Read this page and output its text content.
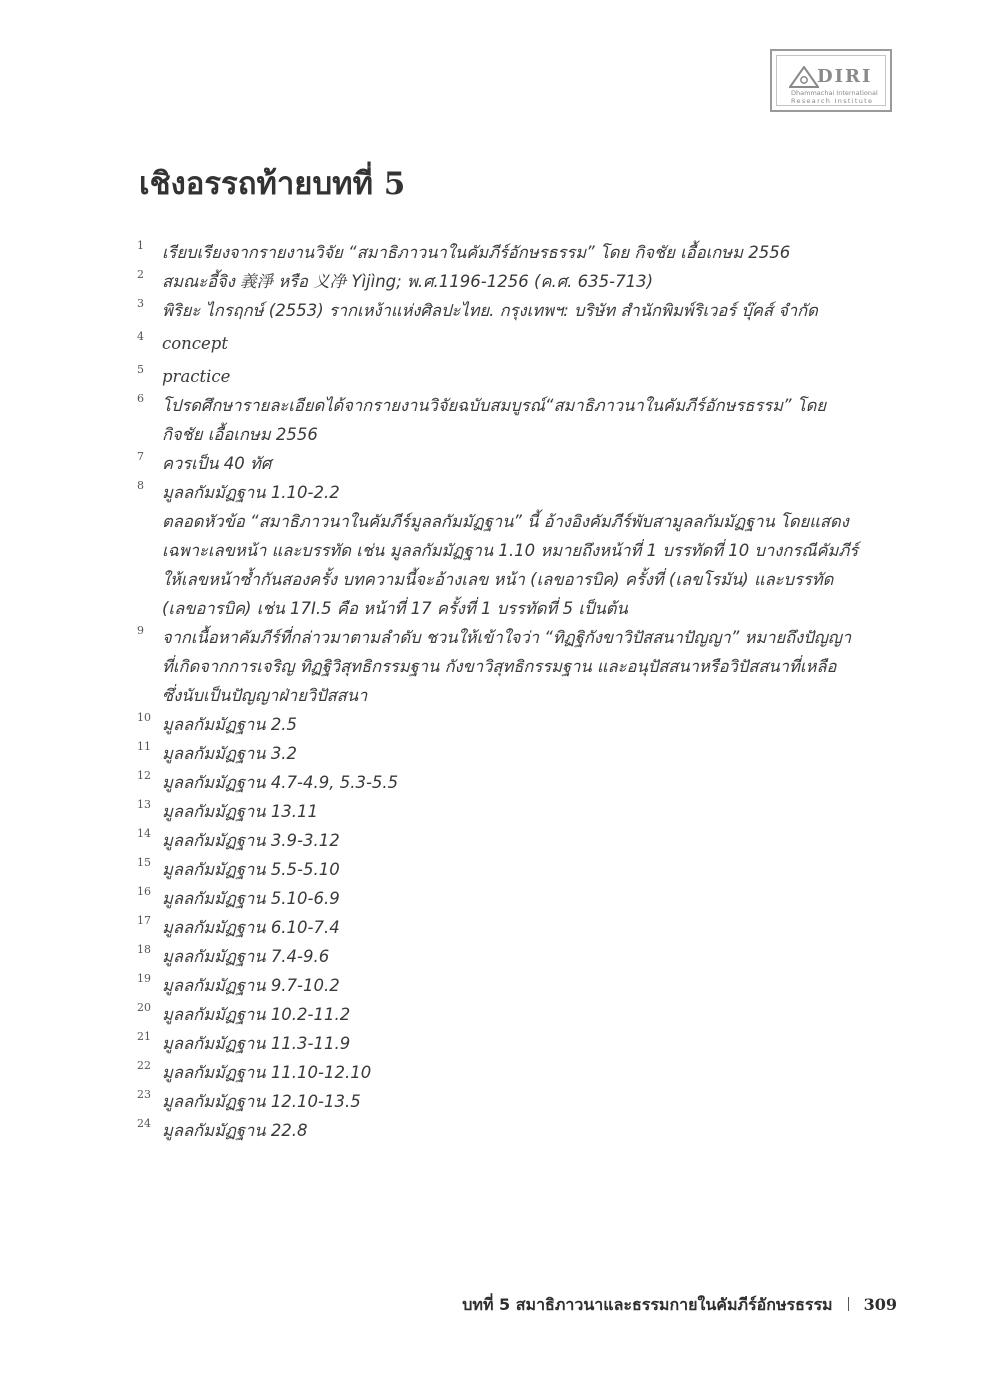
DIRI
Dhammachai International
Research Institute
เชิงอรรถท้ายบทที่ 5
1 เรียบเรียงจากรายงานวิจัย “สมาธิภาวนาในคัมภีร์อักษรธรรม” โดย กิจชัย เอื้อเกษม 2556
2 สมณะอี้จิง 義淨 หรือ 义净 Yìjìng; พ.ศ.1196-1256 (ค.ศ. 635-713)
3 พิริยะ ไกรฤกษ์ (2553) รากเหง้าแห่งศิลปะไทย. กรุงเทพฯ: บริษัท สำนักพิมพ์ริเวอร์ บุ๊คส์ จำกัด
4 concept
5 practice
6 โปรดศึกษารายละเอียดได้จากรายงานวิจัยฉบับสมบูรณ์“สมาธิภาวนาในคัมภีร์อักษรธรรม” โดย
กิจชัย เอื้อเกษม 2556
7 ควรเป็น 40 ทัศ
8 มูลลกัมมัฏฐาน 1.10-2.2
ตลอดหัวข้อ “สมาธิภาวนาในคัมภีร์มูลลกัมมัฏฐาน” นี้ อ้างอิงคัมภีร์พับสามูลลกัมมัฏฐาน โดยแสดง
เฉพาะเลขหน้า และบรรทัด เช่น มูลลกัมมัฏฐาน 1.10 หมายถึงหน้าที่ 1 บรรทัดที่ 10 บางกรณีคัมภีร์
ให้เลขหน้าซ้ำกันสองครั้ง บทความนี้จะอ้างเลข หน้า (เลขอารบิค) ครั้งที่ (เลขโรมัน) และบรรทัด
(เลขอารบิค) เช่น 17I.5 คือ หน้าที่ 17 ครั้งที่ 1 บรรทัดที่ 5 เป็นต้น
9 จากเนื้อหาคัมภีร์ที่กล่าวมาตามลำดับ ชวนให้เข้าใจว่า “ทิฏฐิกังขาวิปัสสนาปัญญา” หมายถึงปัญญา
ที่เกิดจากการเจริญ ทิฏฐิวิสุทธิกรรมฐาน กังขาวิสุทธิกรรมฐาน และอนุปัสสนาหรือวิปัสสนาที่เหลือ
ซึ่งนับเป็นปัญญาฝ่ายวิปัสสนา
10 มูลลกัมมัฏฐาน 2.5
11 มูลลกัมมัฏฐาน 3.2
12 มูลลกัมมัฏฐาน 4.7-4.9, 5.3-5.5
13 มูลลกัมมัฏฐาน 13.11
14 มูลลกัมมัฏฐาน 3.9-3.12
15 มูลลกัมมัฏฐาน 5.5-5.10
16 มูลลกัมมัฏฐาน 5.10-6.9
17 มูลลกัมมัฏฐาน 6.10-7.4
18 มูลลกัมมัฏฐาน 7.4-9.6
19 มูลลกัมมัฏฐาน 9.7-10.2
20 มูลลกัมมัฏฐาน 10.2-11.2
21 มูลลกัมมัฏฐาน 11.3-11.9
22 มูลลกัมมัฏฐาน 11.10-12.10
23 มูลลกัมมัฏฐาน 12.10-13.5
24 มูลลกัมมัฏฐาน 22.8
บทที่ 5 สมาธิภาวนาและธรรมกายในคัมภีร์อักษรธรรม 309
